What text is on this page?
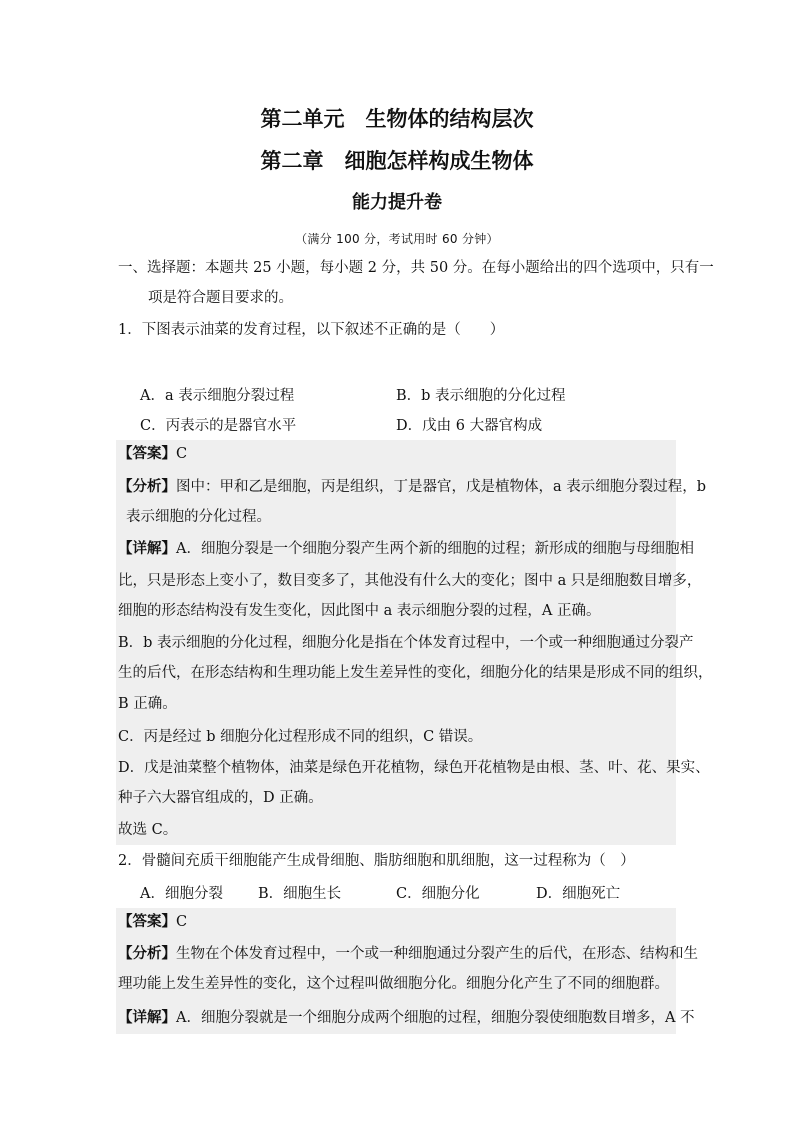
第二单元　生物体的结构层次
第二章　细胞怎样构成生物体
能力提升卷
（满分 100 分，考试用时 60 分钟）
一、选择题：本题共 25 小题，每小题 2 分，共 50 分。在每小题给出的四个选项中，只有一
项是符合题目要求的。
1．下图表示油菜的发育过程，以下叙述不正确的是（　　）
A．a 表示细胞分裂过程	B．b 表示细胞的分化过程
C．丙表示的是器官水平	D．戊由 6 大器官构成
【答案】C
【分析】图中：甲和乙是细胞，丙是组织，丁是器官，戊是植物体，a 表示细胞分裂过程，b
表示细胞的分化过程。
【详解】A．细胞分裂是一个细胞分裂产生两个新的细胞的过程；新形成的细胞与母细胞相
比，只是形态上变小了，数目变多了，其他没有什么大的变化；图中 a 只是细胞数目增多，
细胞的形态结构没有发生变化，因此图中 a 表示细胞分裂的过程，A 正确。
B．b 表示细胞的分化过程，细胞分化是指在个体发育过程中，一个或一种细胞通过分裂产
生的后代，在形态结构和生理功能上发生差异性的变化，细胞分化的结果是形成不同的组织，
B 正确。
C．丙是经过 b 细胞分化过程形成不同的组织，C 错误。
D．戊是油菜整个植物体，油菜是绿色开花植物，绿色开花植物是由根、茎、叶、花、果实、
种子六大器官组成的，D 正确。
故选 C。
2．骨髓间充质干细胞能产生成骨细胞、脂肪细胞和肌细胞，这一过程称为（　）
A．细胞分裂 B．细胞生长	C．细胞分化	D．细胞死亡
【答案】C
【分析】生物在个体发育过程中，一个或一种细胞通过分裂产生的后代，在形态、结构和生
理功能上发生差异性的变化，这个过程叫做细胞分化。细胞分化产生了不同的细胞群。
【详解】A．细胞分裂就是一个细胞分成两个细胞的过程，细胞分裂使细胞数目增多，A 不
